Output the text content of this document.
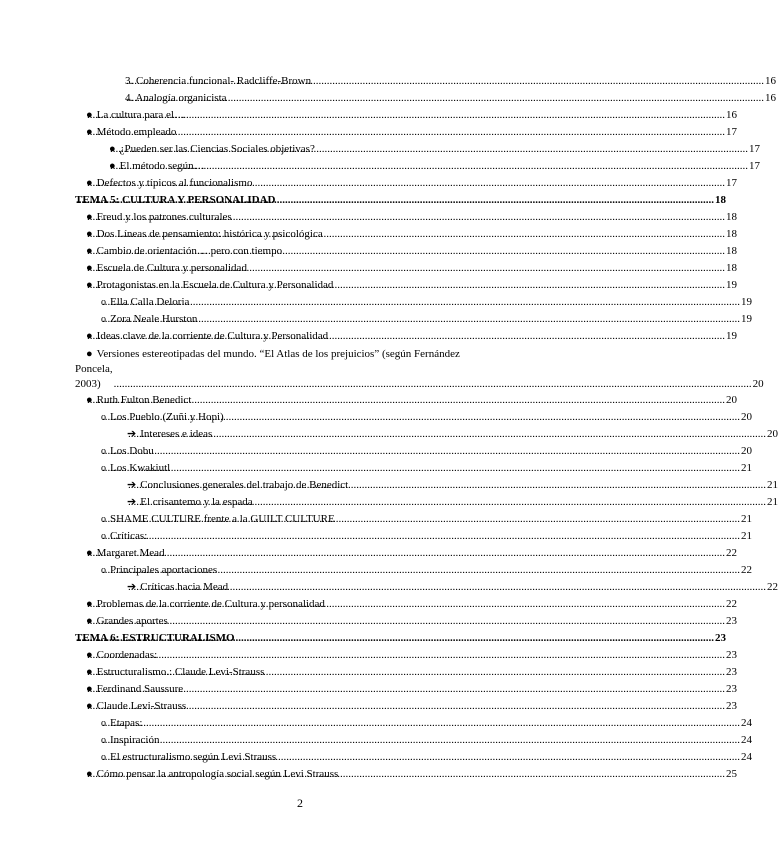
3. Coherencia funcional- Radcliffe-Brown .....	16
4. Analogía organicista .....	16
● La cultura para el… .....	16
● Método empleado .....	17
● ¿Pueden ser las Ciencias Sociales objetivas? .....	17
● El método según… .....	17
● Defectos y típicos al funcionalismo .....	17
TEMA 5: CULTURA Y PERSONALIDAD .....	18
● Freud y los patrones culturales .....	18
● Dos Líneas de pensamiento: histórica y psicológica .....	18
● Cambio de orientación… pero con tiempo .....	18
● Escuela de Cultura y personalidad .....	18
● Protagonistas en la Escuela de Cultura y Personalidad .....	19
o Ella Calla Deloria .....	19
o Zora Neale Hurston .....	19
● Ideas clave de la corriente de Cultura y Personalidad .....	19
● Versiones estereotipadas del mundo. “El Atlas de los prejuicios” (según Fernández
Poncela, 2003) .....	20
● Ruth Fulton Benedict .....	20
o Los Pueblo (Zuñi y Hopi) .....	20
➔ Intereses e ideas .....	20
o Los Dobu .....	20
o Los Kwakiutl .....	21
➔ Conclusiones generales del trabajo de Benedict .....	21
➔ El crisantemo y la espada .....	21
o SHAME CULTURE frente a la GUILT CULTURE .....	21
o Críticas: .....	21
● Margaret Mead .....	22
o Principales aportaciones .....	22
➔ Críticas hacia Mead .....	22
● Problemas de la corriente de Cultura y personalidad .....	22
● Grandes aportes .....	23
TEMA 6: ESTRUCTURALISMO .....	23
● Coordenadas: .....	23
● Estructuralismo.: Claude Levi-Strauss .....	23
● Ferdinand Saussure .....	23
● Claude Levi-Strauss .....	23
o Etapas: .....	24
o Inspiración .....	24
o El estructuralismo según Levi Strauss .....	24
● Cómo pensar la antropología social según Levi Strauss .....	25
2
